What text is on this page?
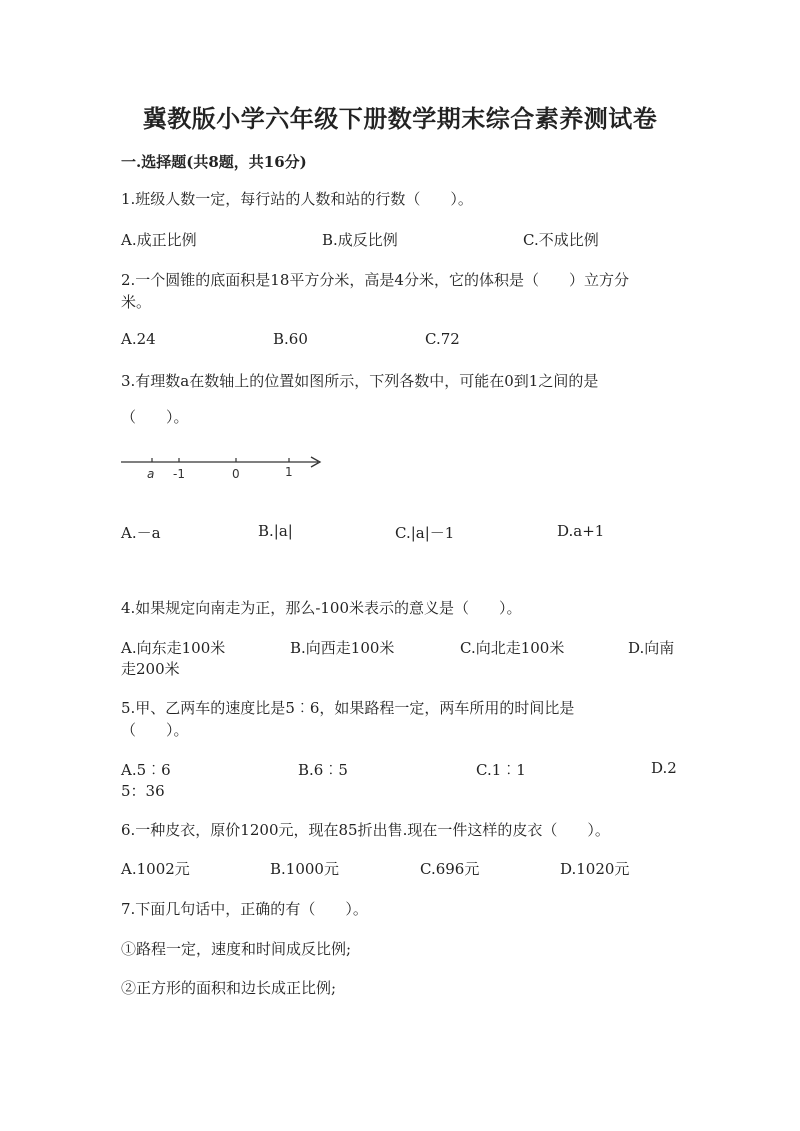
冀教版小学六年级下册数学期末综合素养测试卷
一.选择题(共8题，共16分)
1.班级人数一定，每行站的人数和站的行数（　　）。
A.成正比例	B.成反比例	C.不成比例
2.一个圆锥的底面积是18平方分米，高是4分米，它的体积是（　　）立方分
米。
A.24	B.60	C.72
3.有理数a在数轴上的位置如图所示，下列各数中，可能在0到1之间的是
（　　）。
a -1	0	1
A.－a	B.|a|	C.|a|－1	D.a+1
4.如果规定向南走为正，那么-100米表示的意义是（　　）。
A.向东走100米	B.向西走100米	C.向北走100米	D.向南
走200米
5.甲、乙两车的速度比是5︰6，如果路程一定，两车所用的时间比是
（　　）。
A.5︰6	B.6︰5	C.1︰1	D.2
5：36
6.一种皮衣，原价1200元，现在85折出售.现在一件这样的皮衣（　　）。
A.1002元	B.1000元	C.696元	D.1020元
7.下面几句话中，正确的有（　　）。
①路程一定，速度和时间成反比例;
②正方形的面积和边长成正比例;
